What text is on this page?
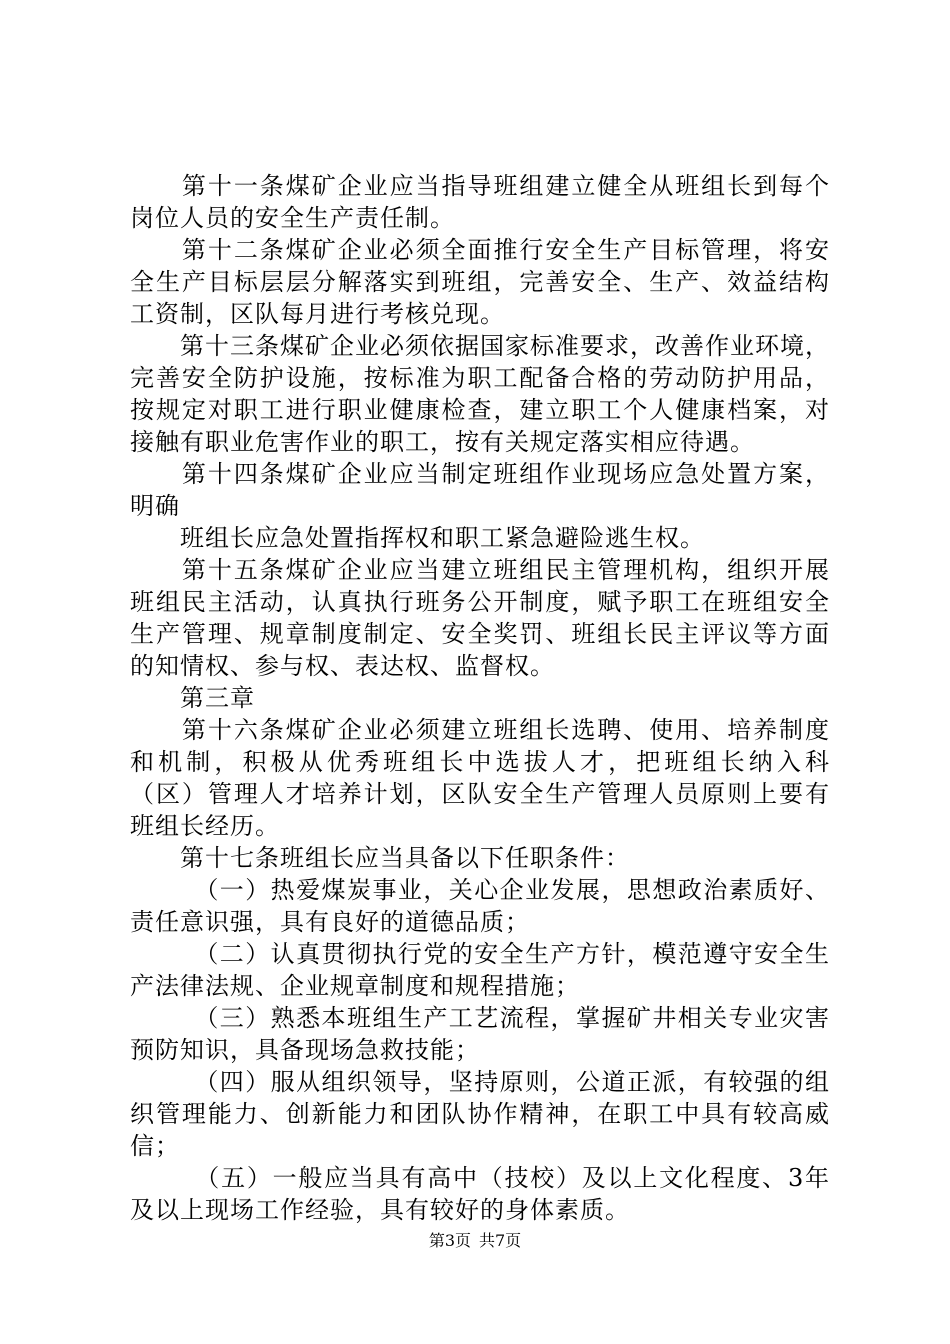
　　第十一条煤矿企业应当指导班组建立健全从班组长到每个
岗位人员的安全生产责任制。
　　第十二条煤矿企业必须全面推行安全生产目标管理，将安
全生产目标层层分解落实到班组，完善安全、生产、效益结构
工资制，区队每月进行考核兑现。
　　第十三条煤矿企业必须依据国家标准要求，改善作业环境，
完善安全防护设施，按标准为职工配备合格的劳动防护用品，
按规定对职工进行职业健康检查，建立职工个人健康档案，对
接触有职业危害作业的职工，按有关规定落实相应待遇。
　　第十四条煤矿企业应当制定班组作业现场应急处置方案，
明确
　　班组长应急处置指挥权和职工紧急避险逃生权。
　　第十五条煤矿企业应当建立班组民主管理机构，组织开展
班组民主活动，认真执行班务公开制度，赋予职工在班组安全
生产管理、规章制度制定、安全奖罚、班组长民主评议等方面
的知情权、参与权、表达权、监督权。
　　第三章
　　第十六条煤矿企业必须建立班组长选聘、使用、培养制度
和机制，积极从优秀班组长中选拔人才，把班组长纳入科
（区）管理人才培养计划，区队安全生产管理人员原则上要有
班组长经历。
　　第十七条班组长应当具备以下任职条件：
　　　（一）热爱煤炭事业，关心企业发展，思想政治素质好、
责任意识强，具有良好的道德品质；
　　　（二）认真贯彻执行党的安全生产方针，模范遵守安全生
产法律法规、企业规章制度和规程措施；
　　　（三）熟悉本班组生产工艺流程，掌握矿井相关专业灾害
预防知识，具备现场急救技能；
　　　（四）服从组织领导，坚持原则，公道正派，有较强的组
织管理能力、创新能力和团队协作精神，在职工中具有较高威
信；
　　　（五）一般应当具有高中（技校）及以上文化程度、3年
及以上现场工作经验，具有较好的身体素质。
第3页 共7页
